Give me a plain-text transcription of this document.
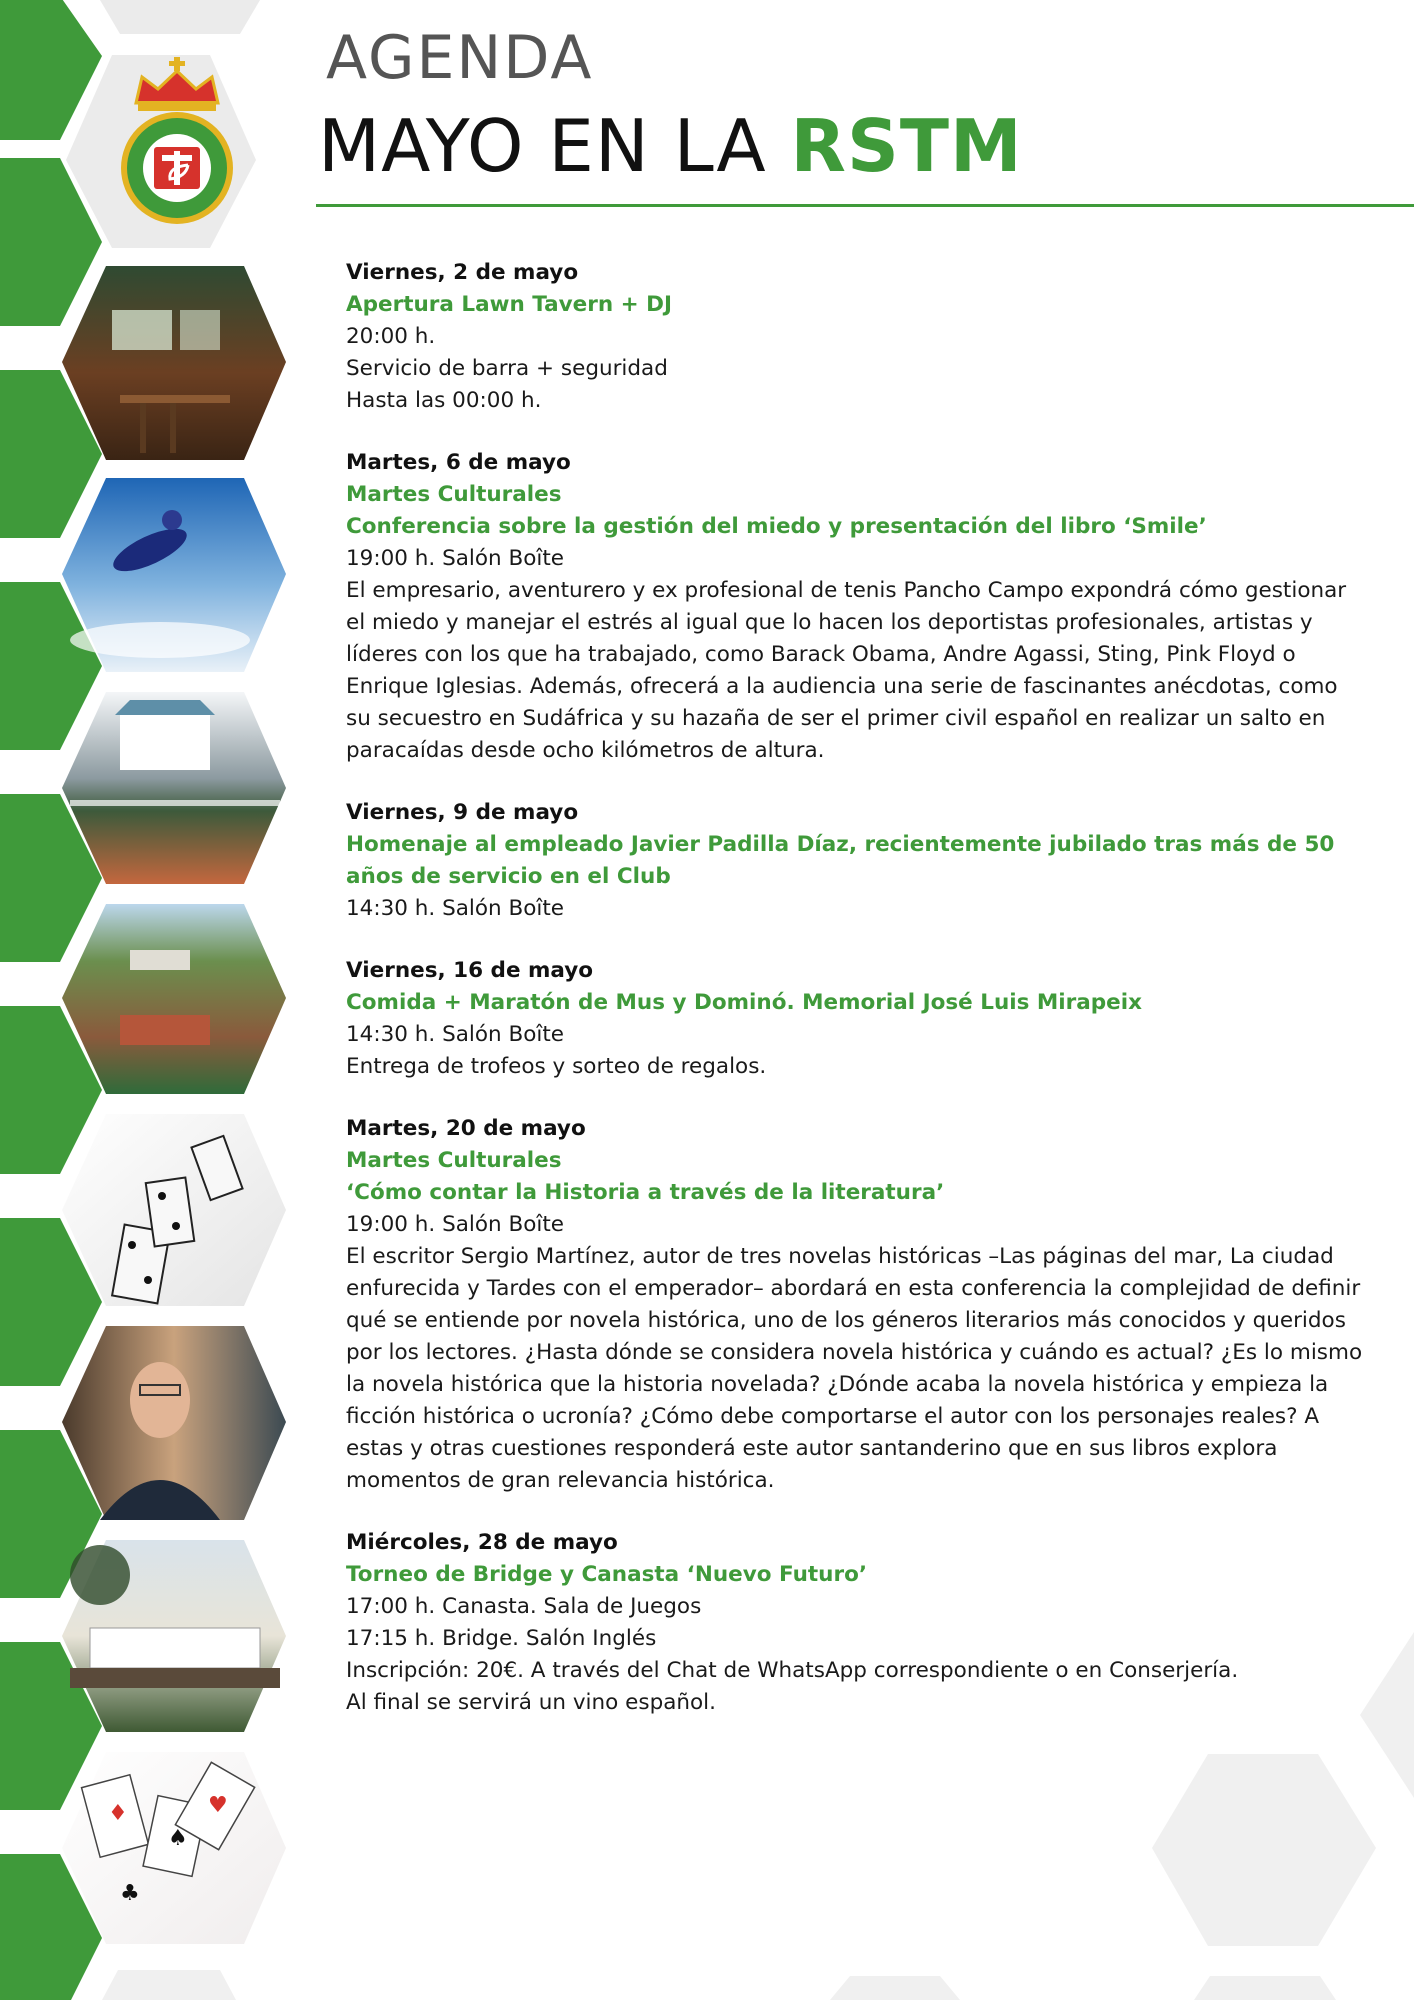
♦
♠
♥
♣
AGENDA
MAYO EN LA RSTM
Viernes, 2 de mayo
Apertura Lawn Tavern + DJ
20:00 h.
Servicio de barra + seguridad
Hasta las 00:00 h.
Martes, 6 de mayo
Martes Culturales
Conferencia sobre la gestión del miedo y presentación del libro ‘Smile’
19:00 h. Salón Boîte
El empresario, aventurero y ex profesional de tenis Pancho Campo expondrá cómo gestionar el miedo y manejar el estrés al igual que lo hacen los deportistas profesionales, artistas y líderes con los que ha trabajado, como Barack Obama, Andre Agassi, Sting, Pink Floyd o Enrique Iglesias. Además, ofrecerá a la audiencia una serie de fascinantes anécdotas, como su secuestro en Sudáfrica y su hazaña de ser el primer civil español en realizar un salto en paracaídas desde ocho kilómetros de altura.
Viernes, 9 de mayo
Homenaje al empleado Javier Padilla Díaz, recientemente jubilado tras más de 50 años de servicio en el Club
14:30 h. Salón Boîte
Viernes, 16 de mayo
Comida + Maratón de Mus y Dominó. Memorial José Luis Mirapeix
14:30 h. Salón Boîte
Entrega de trofeos y sorteo de regalos.
Martes, 20 de mayo
Martes Culturales
‘Cómo contar la Historia a través de la literatura’
19:00 h. Salón Boîte
El escritor Sergio Martínez, autor de tres novelas históricas –Las páginas del mar, La ciudad enfurecida y Tardes con el emperador– abordará en esta conferencia la complejidad de definir qué se entiende por novela histórica, uno de los géneros literarios más conocidos y queridos por los lectores. ¿Hasta dónde se considera novela histórica y cuándo es actual? ¿Es lo mismo la novela histórica que la historia novelada? ¿Dónde acaba la novela histórica y empieza la ficción histórica o ucronía? ¿Cómo debe comportarse el autor con los personajes reales? A estas y otras cuestiones responderá este autor santanderino que en sus libros explora momentos de gran relevancia histórica.
Miércoles, 28 de mayo
Torneo de Bridge y Canasta ‘Nuevo Futuro’
17:00 h. Canasta. Sala de Juegos
17:15 h. Bridge. Salón Inglés
Inscripción: 20€. A través del Chat de WhatsApp correspondiente o en Conserjería.
Al final se servirá un vino español.
